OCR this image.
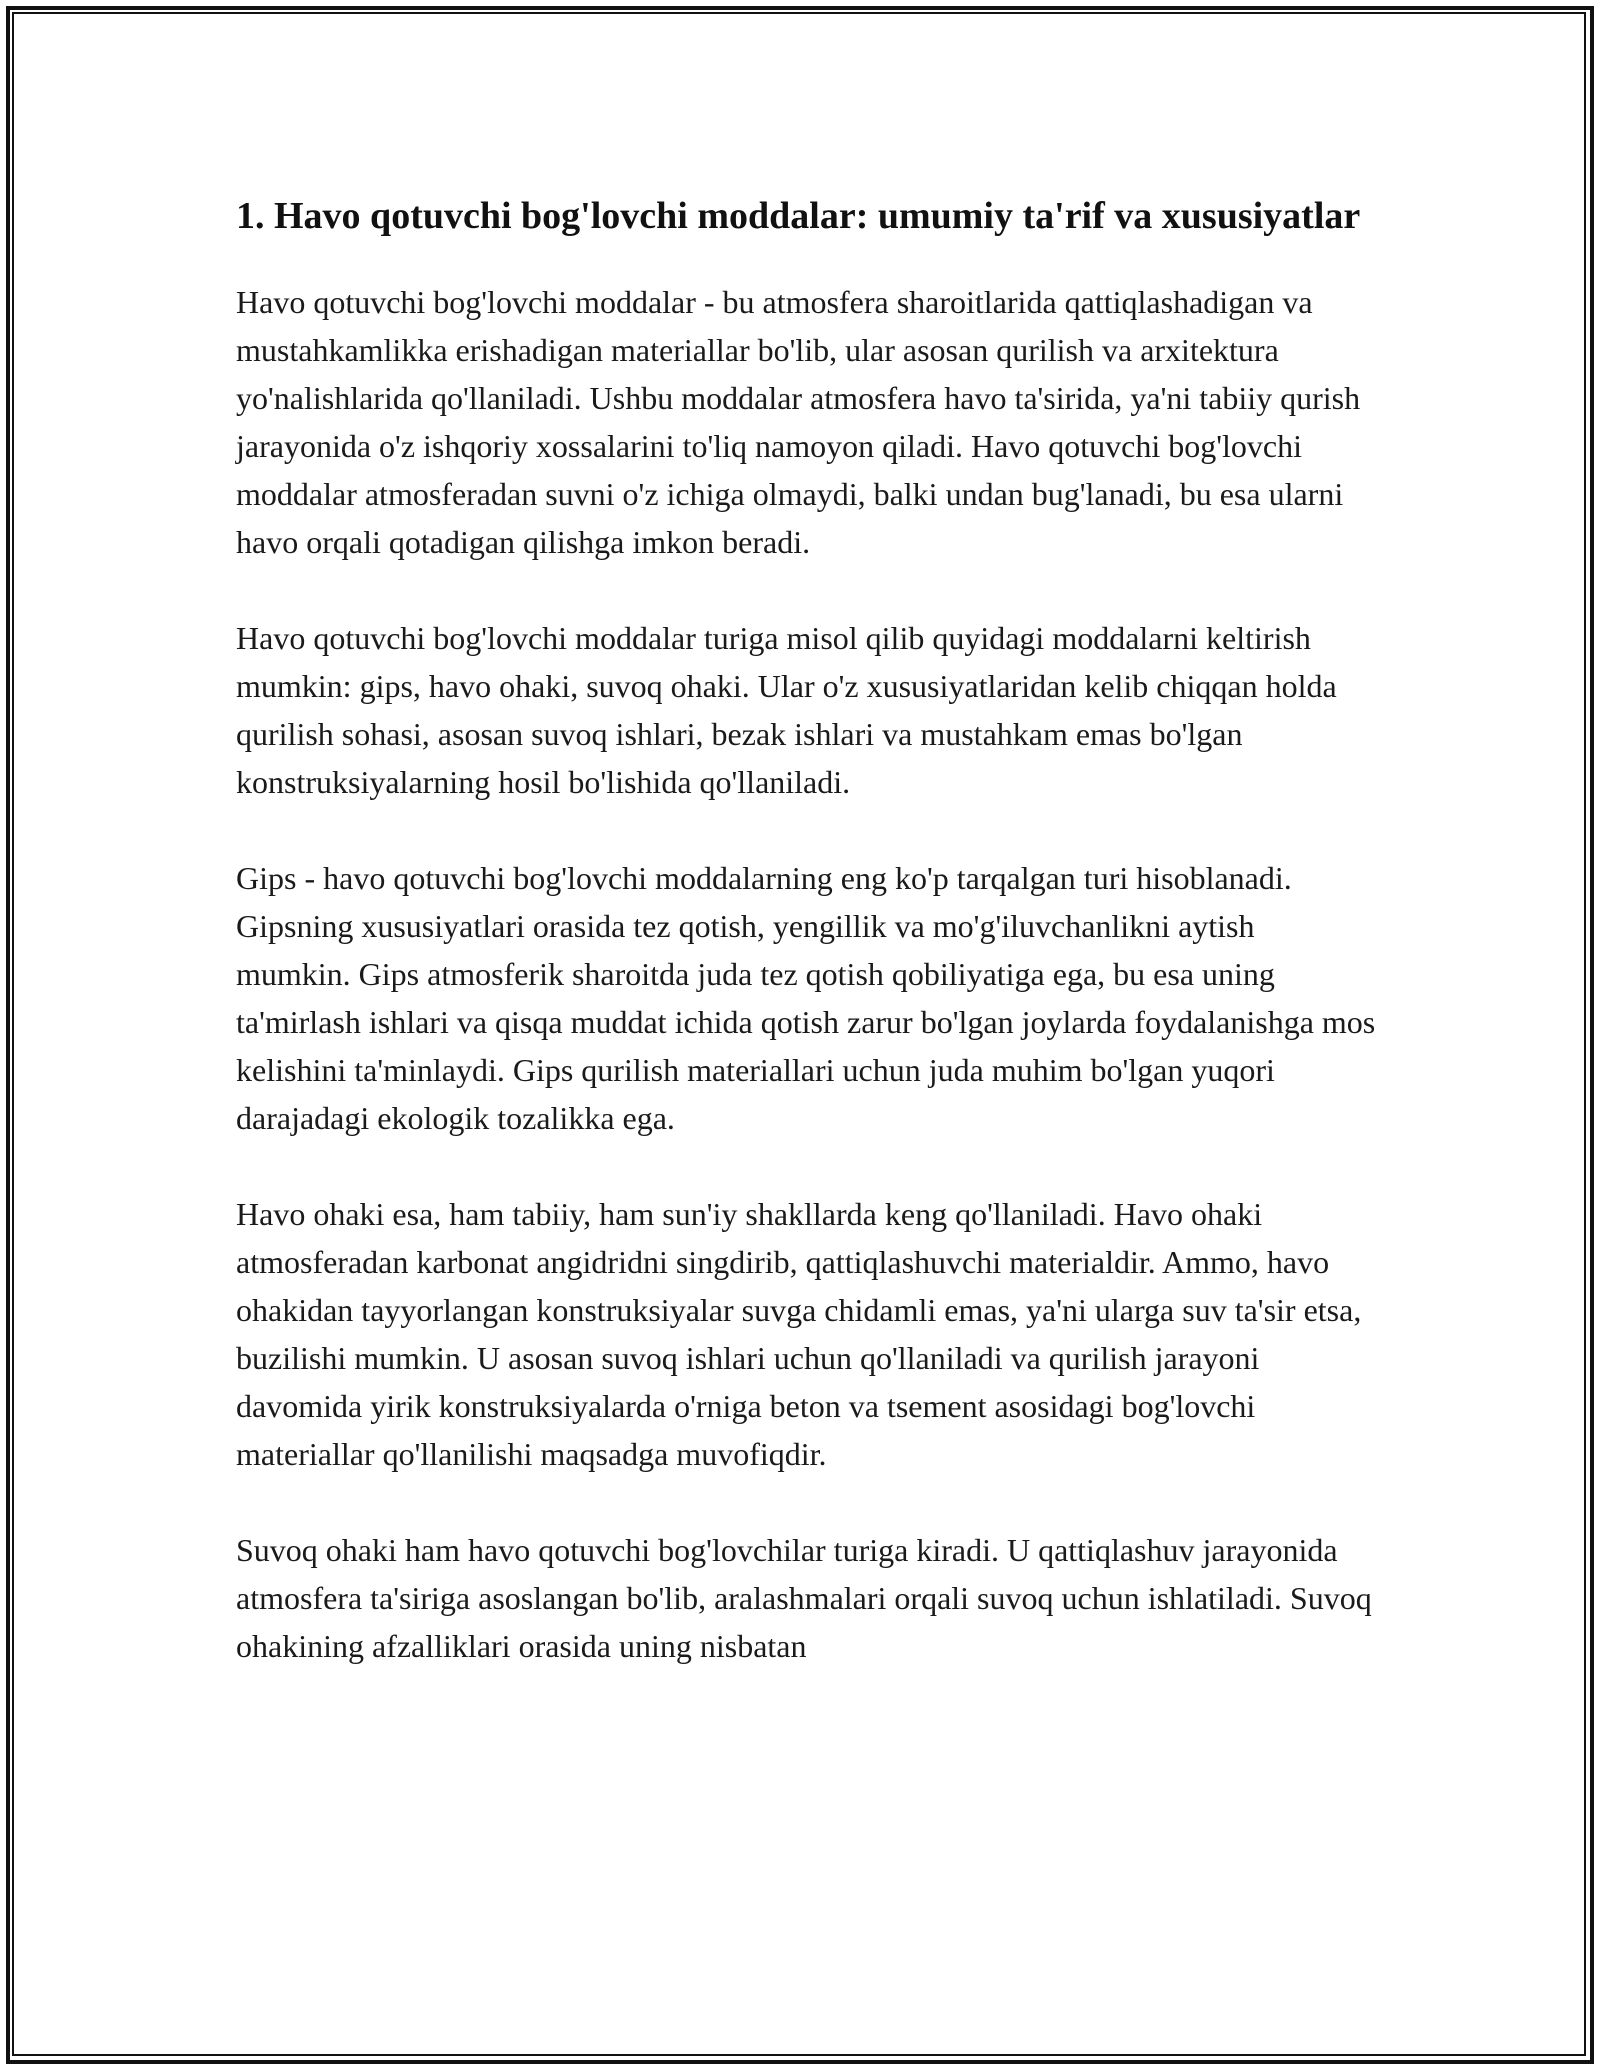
1. Havo qotuvchi bog'lovchi moddalar: umumiy ta'rif va xususiyatlar

Havo qotuvchi bog'lovchi moddalar - bu atmosfera sharoitlarida qattiqlashadigan va mustahkamlikka erishadigan materiallar bo'lib, ular asosan qurilish va arxitektura yo'nalishlarida qo'llaniladi. Ushbu moddalar atmosfera havo ta'sirida, ya'ni tabiiy qurish jarayonida o'z ishqoriy xossalarini to'liq namoyon qiladi. Havo qotuvchi bog'lovchi moddalar atmosferadan suvni o'z ichiga olmaydi, balki undan bug'lanadi, bu esa ularni havo orqali qotadigan qilishga imkon beradi.

Havo qotuvchi bog'lovchi moddalar turiga misol qilib quyidagi moddalarni keltirish mumkin: gips, havo ohaki, suvoq ohaki. Ular o'z xususiyatlaridan kelib chiqqan holda qurilish sohasi, asosan suvoq ishlari, bezak ishlari va mustahkam emas bo'lgan konstruksiyalarning hosil bo'lishida qo'llaniladi.

Gips - havo qotuvchi bog'lovchi moddalarning eng ko'p tarqalgan turi hisoblanadi. Gipsning xususiyatlari orasida tez qotish, yengillik va mo'g'iluvchanlikni aytish mumkin. Gips atmosferik sharoitda juda tez qotish qobiliyatiga ega, bu esa uning ta'mirlash ishlari va qisqa muddat ichida qotish zarur bo'lgan joylarda foydalanishga mos kelishini ta'minlaydi. Gips qurilish materiallari uchun juda muhim bo'lgan yuqori darajadagi ekologik tozalikka ega.

Havo ohaki esa, ham tabiiy, ham sun'iy shakllarda keng qo'llaniladi. Havo ohaki atmosferadan karbonat angidridni singdirib, qattiqlashuvchi materialdir. Ammo, havo ohakidan tayyorlangan konstruksiyalar suvga chidamli emas, ya'ni ularga suv ta'sir etsa, buzilishi mumkin. U asosan suvoq ishlari uchun qo'llaniladi va qurilish jarayoni davomida yirik konstruksiyalarda o'rniga beton va tsement asosidagi bog'lovchi materiallar qo'llanilishi maqsadga muvofiqdir.

Suvoq ohaki ham havo qotuvchi bog'lovchilar turiga kiradi. U qattiqlashuv jarayonida atmosfera ta'siriga asoslangan bo'lib, aralashmalari orqali suvoq uchun ishlatiladi. Suvoq ohakining afzalliklari orasida uning nisbatan
